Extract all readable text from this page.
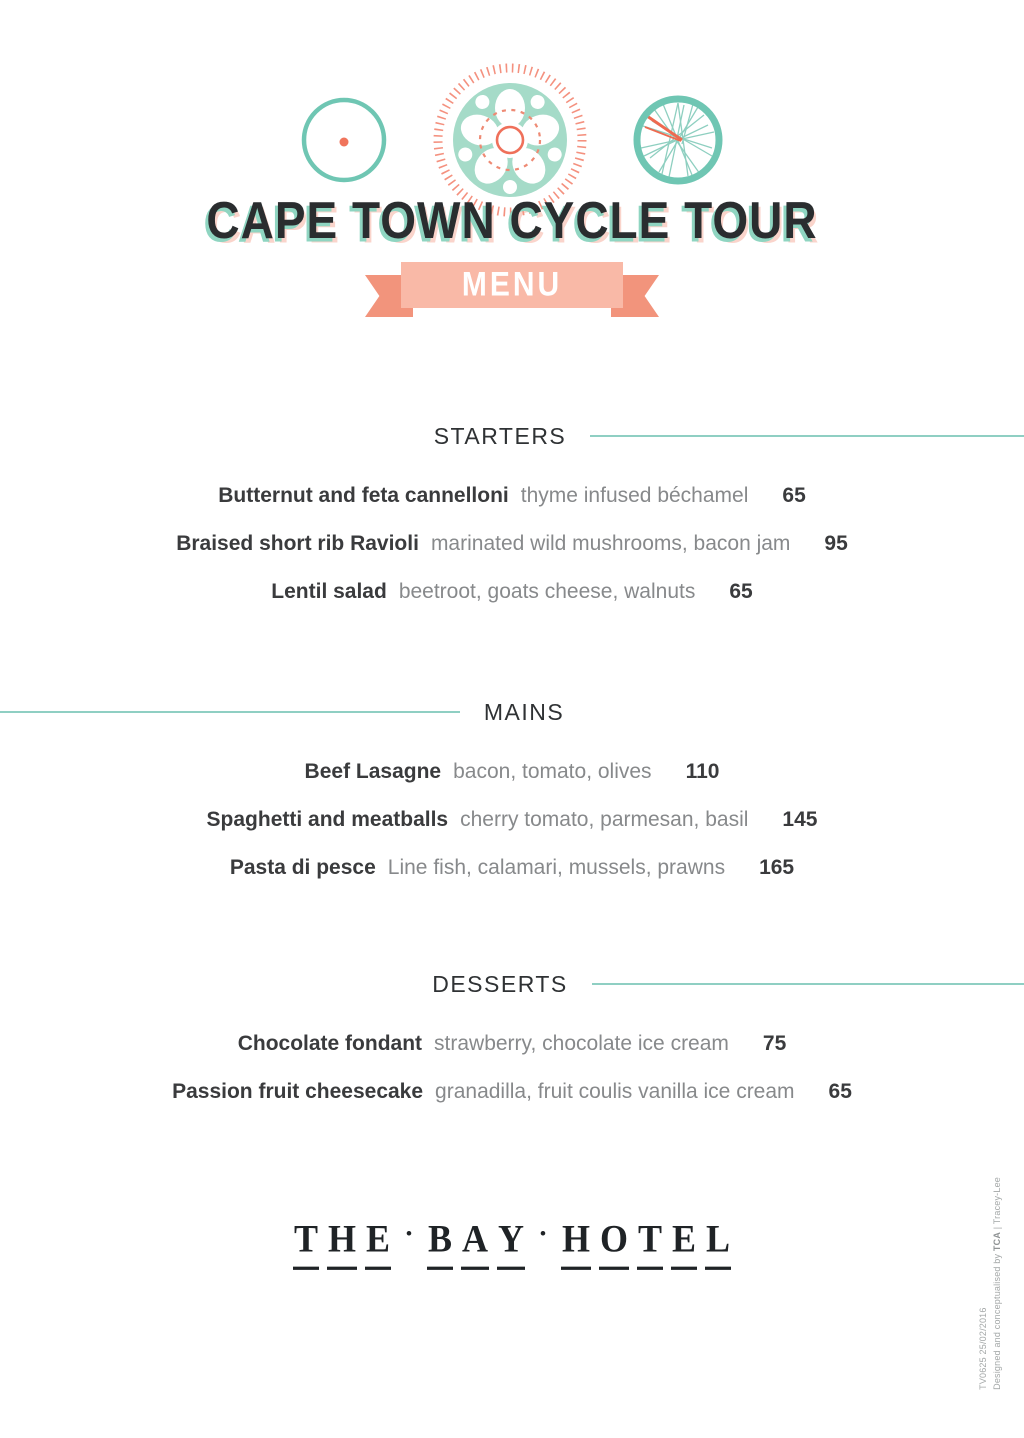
CAPE TOWN CYCLE TOUR
MENU
STARTERS
Butternut and feta cannelloni thyme infused béchamel 65
Braised short rib Ravioli marinated wild mushrooms, bacon jam 95
Lentil salad beetroot, goats cheese, walnuts 65
MAINS
Beef Lasagne bacon, tomato, olives 110
Spaghetti and meatballs cherry tomato, parmesan, basil 145
Pasta di pesce Line fish, calamari, mussels, prawns 165
DESSERTS
Chocolate fondant strawberry, chocolate ice cream 75
Passion fruit cheesecake granadilla, fruit coulis vanilla ice cream 65
T H E • B A Y • H O T E L
Designed and conceptualised by TCA | Tracey-Lee
TV0625 25/02/2016
